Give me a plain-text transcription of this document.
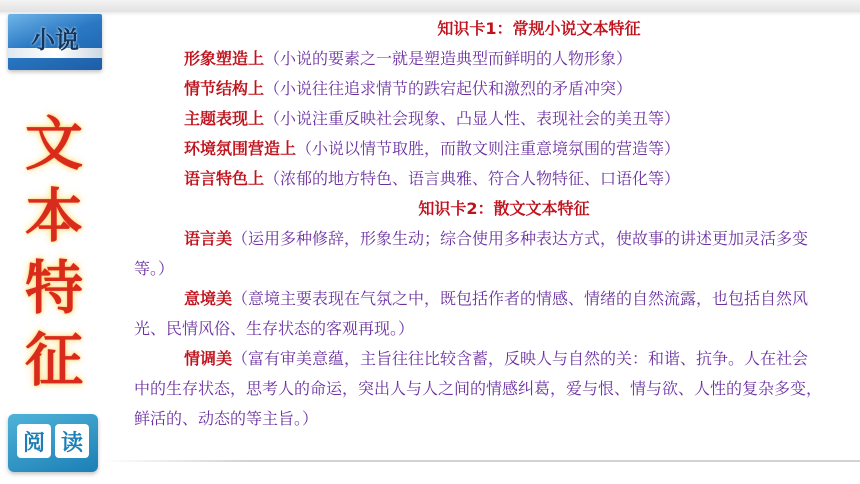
小说
文
本
特
征
阅 读
知识卡1：常规小说文本特征
形象塑造上（小说的要素之一就是塑造典型而鲜明的人物形象）
情节结构上（小说往往追求情节的跌宕起伏和激烈的矛盾冲突）
主题表现上（小说注重反映社会现象、凸显人性、表现社会的美丑等）
环境氛围营造上（小说以情节取胜，而散文则注重意境氛围的营造等）
语言特色上（浓郁的地方特色、语言典雅、符合人物特征、口语化等）
知识卡2：散文文本特征
语言美（运用多种修辞，形象生动；综合使用多种表达方式，使故事的讲述更加灵活多变等。）
意境美（意境主要表现在气氛之中，既包括作者的情感、情绪的自然流露，也包括自然风光、民情风俗、生存状态的客观再现。）
情调美（富有审美意蕴，主旨往往比较含蓄，反映人与自然的关：和谐、抗争。人在社会中的生存状态，思考人的命运，突出人与人之间的情感纠葛，爱与恨、情与欲、人性的复杂多变，鲜活的、动态的等主旨。）
